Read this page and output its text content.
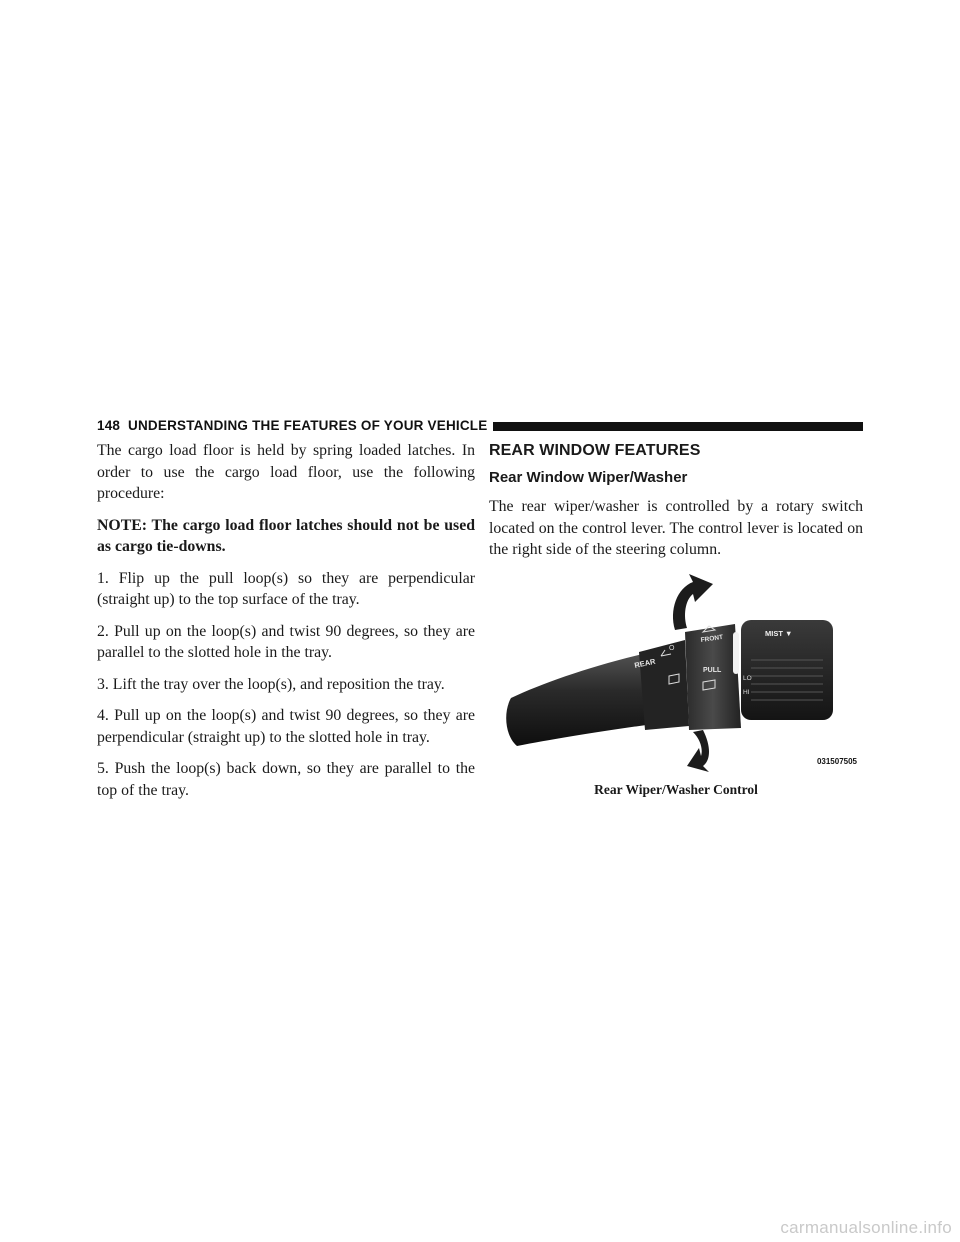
148 UNDERSTANDING THE FEATURES OF YOUR VEHICLE

The cargo load floor is held by spring loaded latches. In order to use the cargo load floor, use the following procedure:

NOTE: The cargo load floor latches should not be used as cargo tie-downs.

1. Flip up the pull loop(s) so they are perpendicular (straight up) to the top surface of the tray.

2. Pull up on the loop(s) and twist 90 degrees, so they are parallel to the slotted hole in the tray.

3. Lift the tray over the loop(s), and reposition the tray.

4. Pull up on the loop(s) and twist 90 degrees, so they are perpendicular (straight up) to the slotted hole in tray.

5. Push the loop(s) back down, so they are parallel to the top of the tray.

REAR WINDOW FEATURES
Rear Window Wiper/Washer

The rear wiper/washer is controlled by a rotary switch located on the control lever. The control lever is located on the right side of the steering column.

REAR
O
FRONT
PULL
LO
HI
MIST ▼
031507505
Rear Wiper/Washer Control
carmanualsonline.info
